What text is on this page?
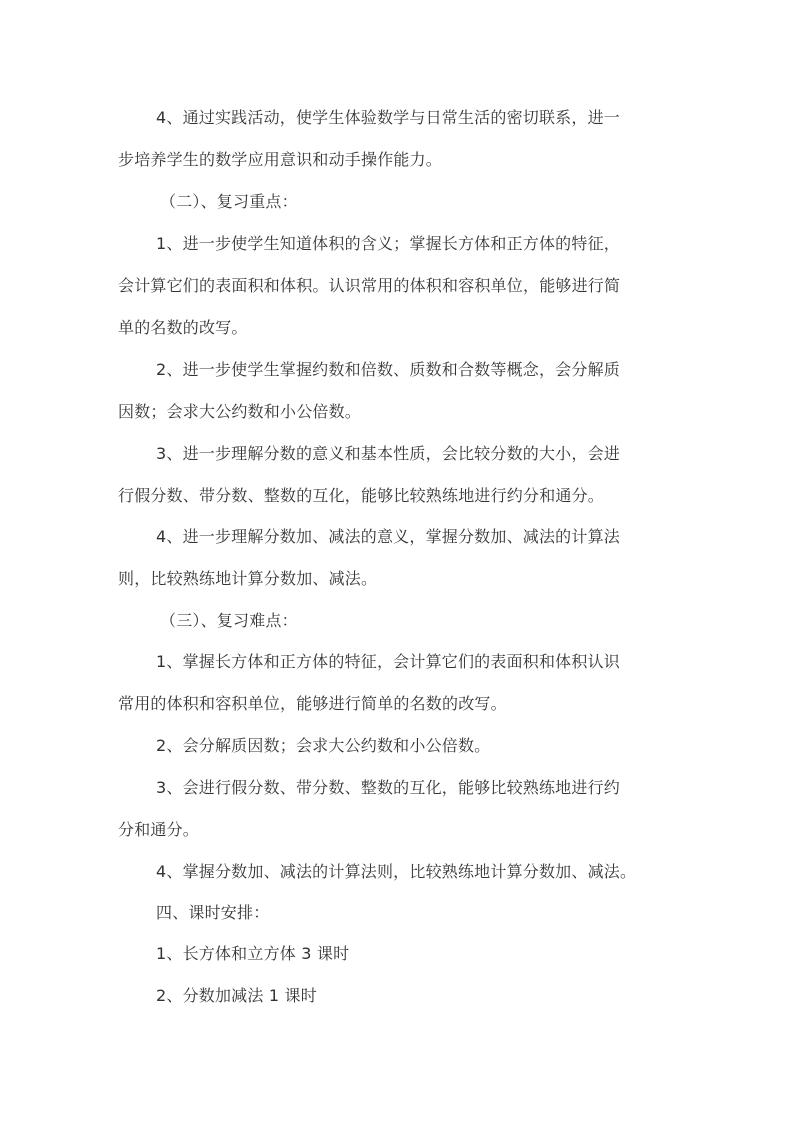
4、通过实践活动，使学生体验数学与日常生活的密切联系，进一
步培养学生的数学应用意识和动手操作能力。
（二）、复习重点：
1、进一步使学生知道体积的含义；掌握长方体和正方体的特征，
会计算它们的表面积和体积。认识常用的体积和容积单位，能够进行简
单的名数的改写。
2、进一步使学生掌握约数和倍数、质数和合数等概念，会分解质
因数；会求大公约数和小公倍数。
3、进一步理解分数的意义和基本性质，会比较分数的大小，会进
行假分数、带分数、整数的互化，能够比较熟练地进行约分和通分。
4、进一步理解分数加、减法的意义，掌握分数加、减法的计算法
则，比较熟练地计算分数加、减法。
（三）、复习难点：
1、掌握长方体和正方体的特征，会计算它们的表面积和体积认识
常用的体积和容积单位，能够进行简单的名数的改写。
2、会分解质因数；会求大公约数和小公倍数。
3、会进行假分数、带分数、整数的互化，能够比较熟练地进行约
分和通分。
4、掌握分数加、减法的计算法则，比较熟练地计算分数加、减法。
四、课时安排：
1、长方体和立方体 3 课时
2、分数加减法 1 课时
